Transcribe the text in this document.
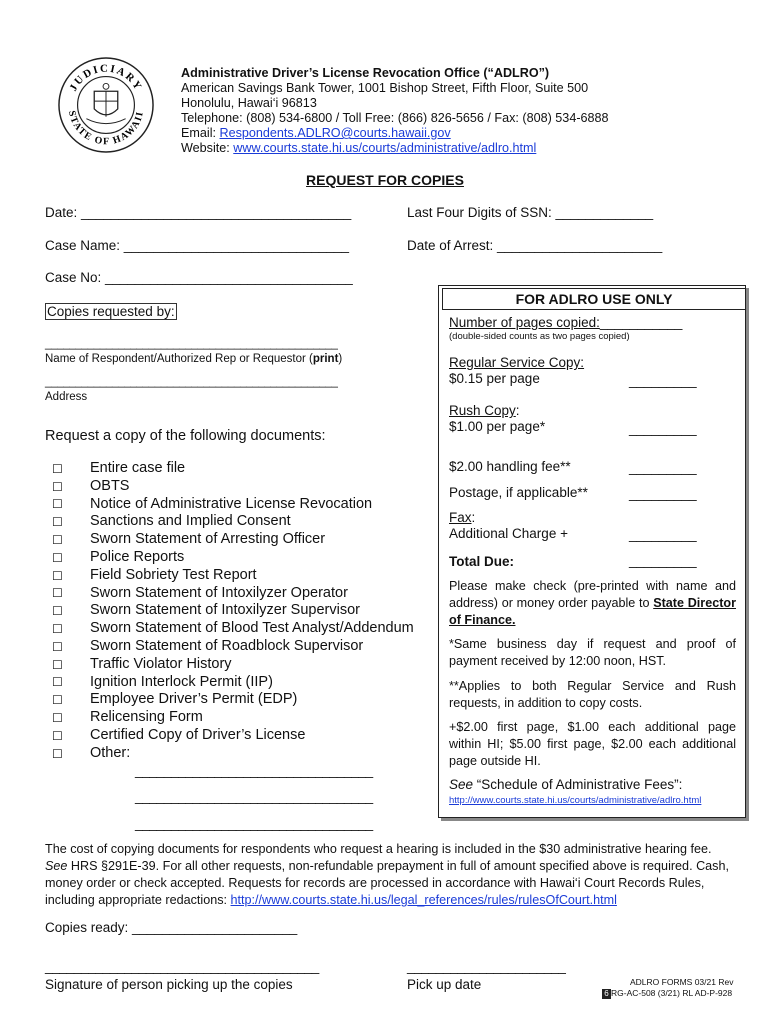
JUDICIARY
STATE OF HAWAII
Administrative Driver’s License Revocation Office (“ADLRO”)
American Savings Bank Tower, 1001 Bishop Street, Fifth Floor, Suite 500
Honolulu, Hawai‘i 96813
Telephone: (808) 534-6800 / Toll Free: (866) 826-5656 / Fax: (808) 534-6888
Email: Respondents.ADLRO@courts.hawaii.gov
Website: www.courts.state.hi.us/courts/administrative/adlro.html
REQUEST FOR COPIES
Date: ____________________________________	Last Four Digits of SSN: _____________
Case Name: ______________________________	Date of Arrest: ______________________
Case No: _________________________________
Copies requested by:
________________________________________________
Name of Respondent/Authorized Rep or Requestor (print)
________________________________________________
Address
Request a copy of the following documents:
☐	Entire case file
☐	OBTS
☐	Notice of Administrative License Revocation
☐	Sanctions and Implied Consent
☐	Sworn Statement of Arresting Officer
☐	Police Reports
☐	Field Sobriety Test Report
☐	Sworn Statement of Intoxilyzer Operator
☐	Sworn Statement of Intoxilyzer Supervisor
☐	Sworn Statement of Blood Test Analyst/Addendum
☐	Sworn Statement of Roadblock Supervisor
☐	Traffic Violator History
☐	Ignition Interlock Permit (IIP)
☐	Employee Driver’s Permit (EDP)
☐	Relicensing Form
☐	Certified Copy of Driver’s License
☐	Other:
_________________________________
_________________________________
_________________________________
FOR ADLRO USE ONLY
Number of pages copied:___________
(double-sided counts as two pages copied)
Regular Service Copy:
$0.15 per page	_________
Rush Copy:
$1.00 per page*	_________
$2.00 handling fee**	_________
Postage, if applicable**	_________
Fax:
Additional Charge +	_________
Total Due:	_________
Please make check (pre-printed with name and address) or money order payable to State Director of Finance.
*Same business day if request and proof of payment received by 12:00 noon, HST.
**Applies to both Regular Service and Rush requests, in addition to copy costs.
+$2.00 first page, $1.00 each additional page within HI; $5.00 first page, $2.00 each additional page outside HI.
See “Schedule of Administrative Fees”:
http://www.courts.state.hi.us/courts/administrative/adlro.html
The cost of copying documents for respondents who request a hearing is included in the $30 administrative hearing fee. See HRS §291E-39. For all other requests, non-refundable prepayment in full of amount specified above is required. Cash, money order or check accepted. Requests for records are processed in accordance with Hawai‘i Court Records Rules, including appropriate redactions: http://www.courts.state.hi.us/legal_references/rules/rulesOfCourt.html
Copies ready: ______________________
______________________________________
Signature of person picking up the copies
______________________
Pick up date	ADLRO FORMS 03/21 Rev
6 RG-AC-508 (3/21) RL AD-P-928
